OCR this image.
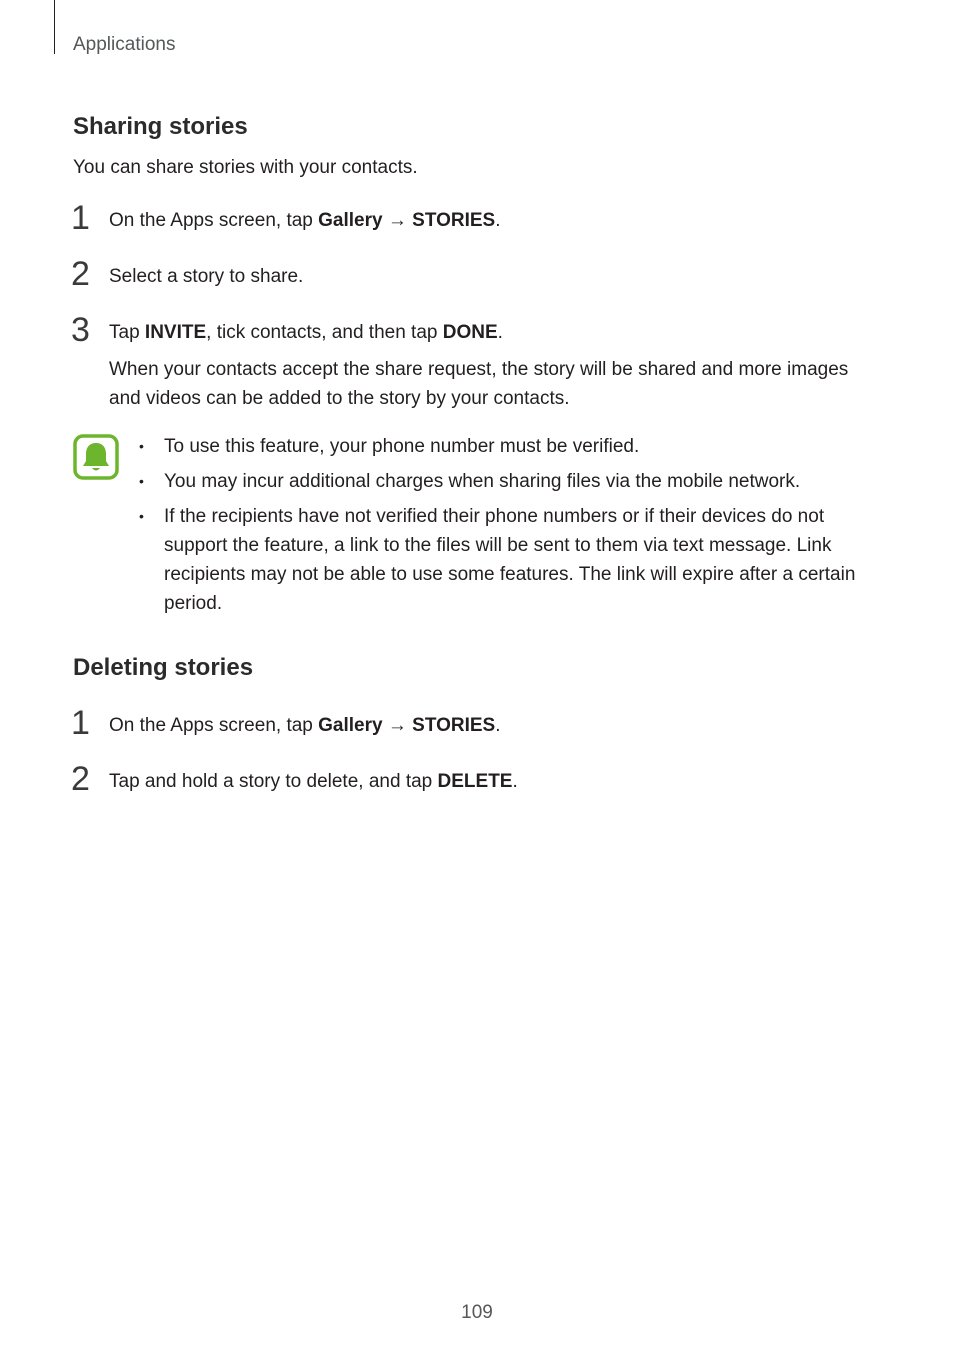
Applications
Sharing stories
You can share stories with your contacts.
1 On the Apps screen, tap Gallery → STORIES.
2 Select a story to share.
3 Tap INVITE, tick contacts, and then tap DONE.
When your contacts accept the share request, the story will be shared and more images and videos can be added to the story by your contacts.
• To use this feature, your phone number must be verified.
• You may incur additional charges when sharing files via the mobile network.
• If the recipients have not verified their phone numbers or if their devices do not support the feature, a link to the files will be sent to them via text message. Link recipients may not be able to use some features. The link will expire after a certain period.
Deleting stories
1 On the Apps screen, tap Gallery → STORIES.
2 Tap and hold a story to delete, and tap DELETE.
109
